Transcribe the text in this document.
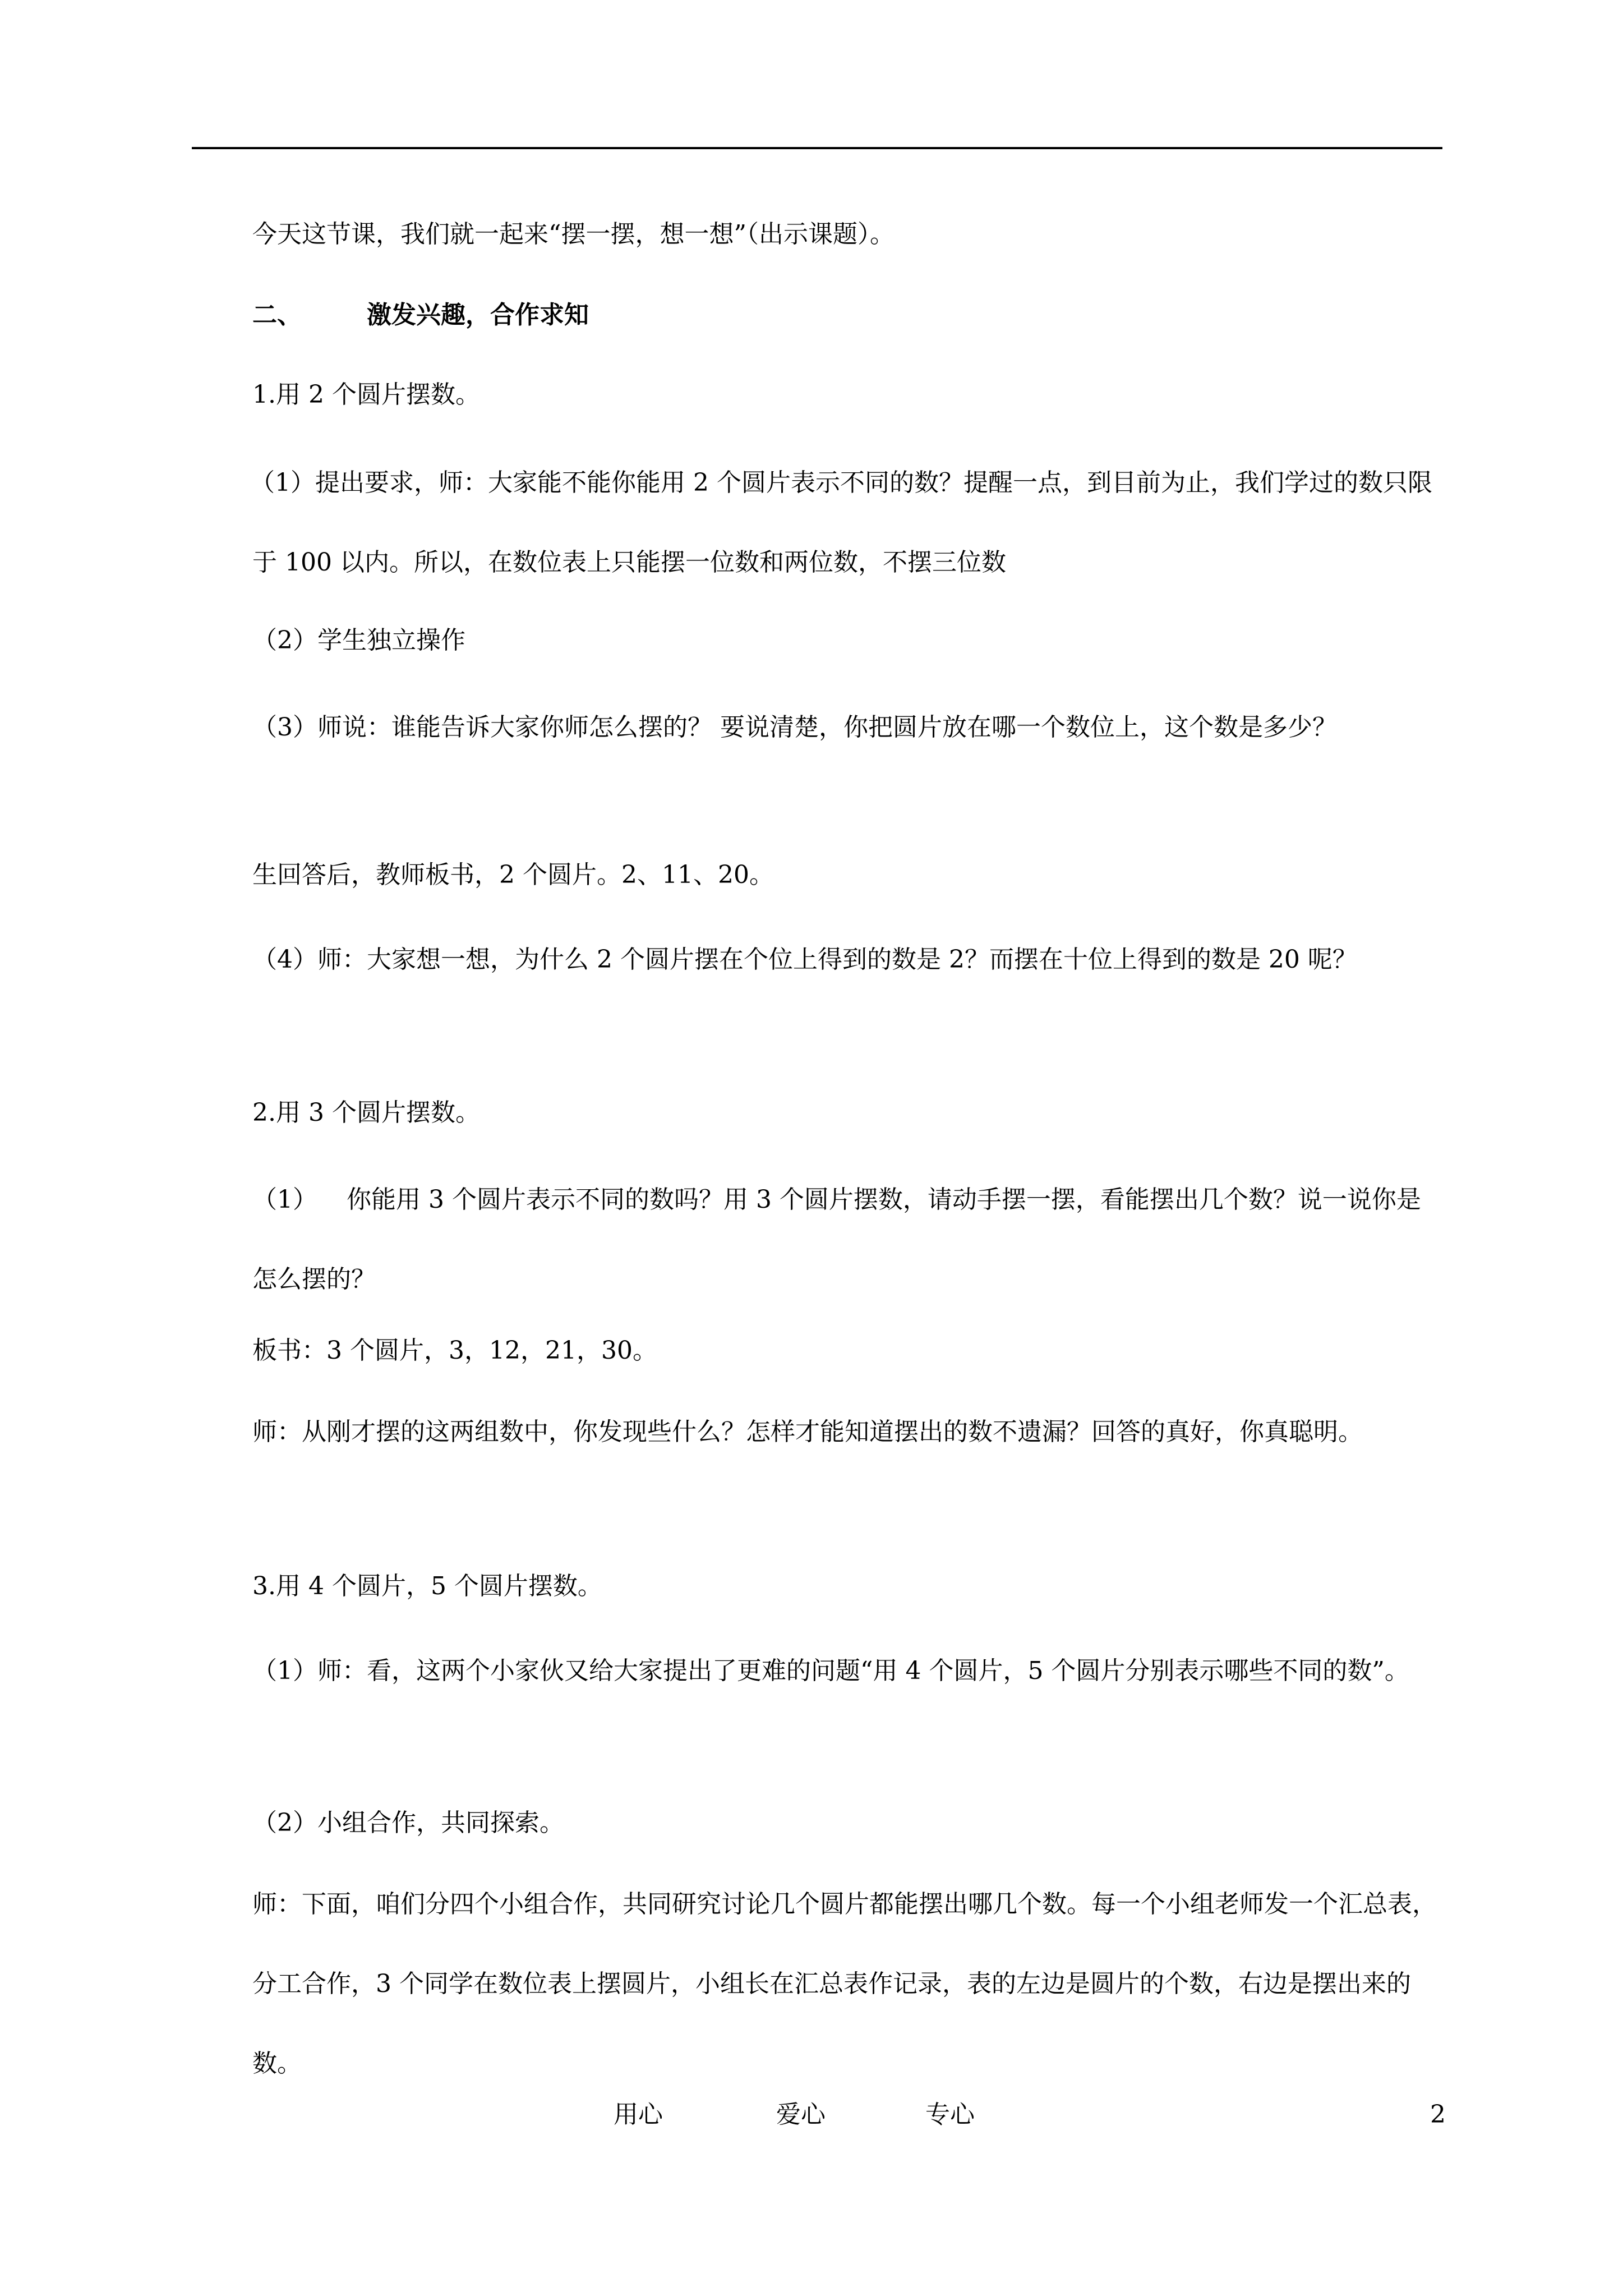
今天这节课，我们就一起来“摆一摆，想一想”（出示课题）。
二、	激发兴趣，合作求知
1.用 2 个圆片摆数。
（1）提出要求，师：大家能不能你能用 2 个圆片表示不同的数？提醒一点，到目前为止，我们学过的数只限于 100 以内。所以，在数位表上只能摆一位数和两位数，不摆三位数
（2）学生独立操作
（3）师说：谁能告诉大家你师怎么摆的？ 要说清楚，你把圆片放在哪一个数位上，这个数是多少？
生回答后，教师板书，2 个圆片。2、11、20。
（4）师：大家想一想，为什么 2 个圆片摆在个位上得到的数是 2？而摆在十位上得到的数是 20 呢？
2.用 3 个圆片摆数。
（1） 你能用 3 个圆片表示不同的数吗？用 3 个圆片摆数，请动手摆一摆，看能摆出几个数？说一说你是怎么摆的？
板书：3 个圆片，3，12，21，30。
师：从刚才摆的这两组数中，你发现些什么？怎样才能知道摆出的数不遗漏？回答的真好，你真聪明。
3.用 4 个圆片，5 个圆片摆数。
（1）师：看，这两个小家伙又给大家提出了更难的问题“用 4 个圆片，5 个圆片分别表示哪些不同的数”。
（2）小组合作，共同探索。
师：下面，咱们分四个小组合作，共同研究讨论几个圆片都能摆出哪几个数。每一个小组老师发一个汇总表，分工合作，3 个同学在数位表上摆圆片，小组长在汇总表作记录，表的左边是圆片的个数，右边是摆出来的数。
用心	爱心	专心	2
